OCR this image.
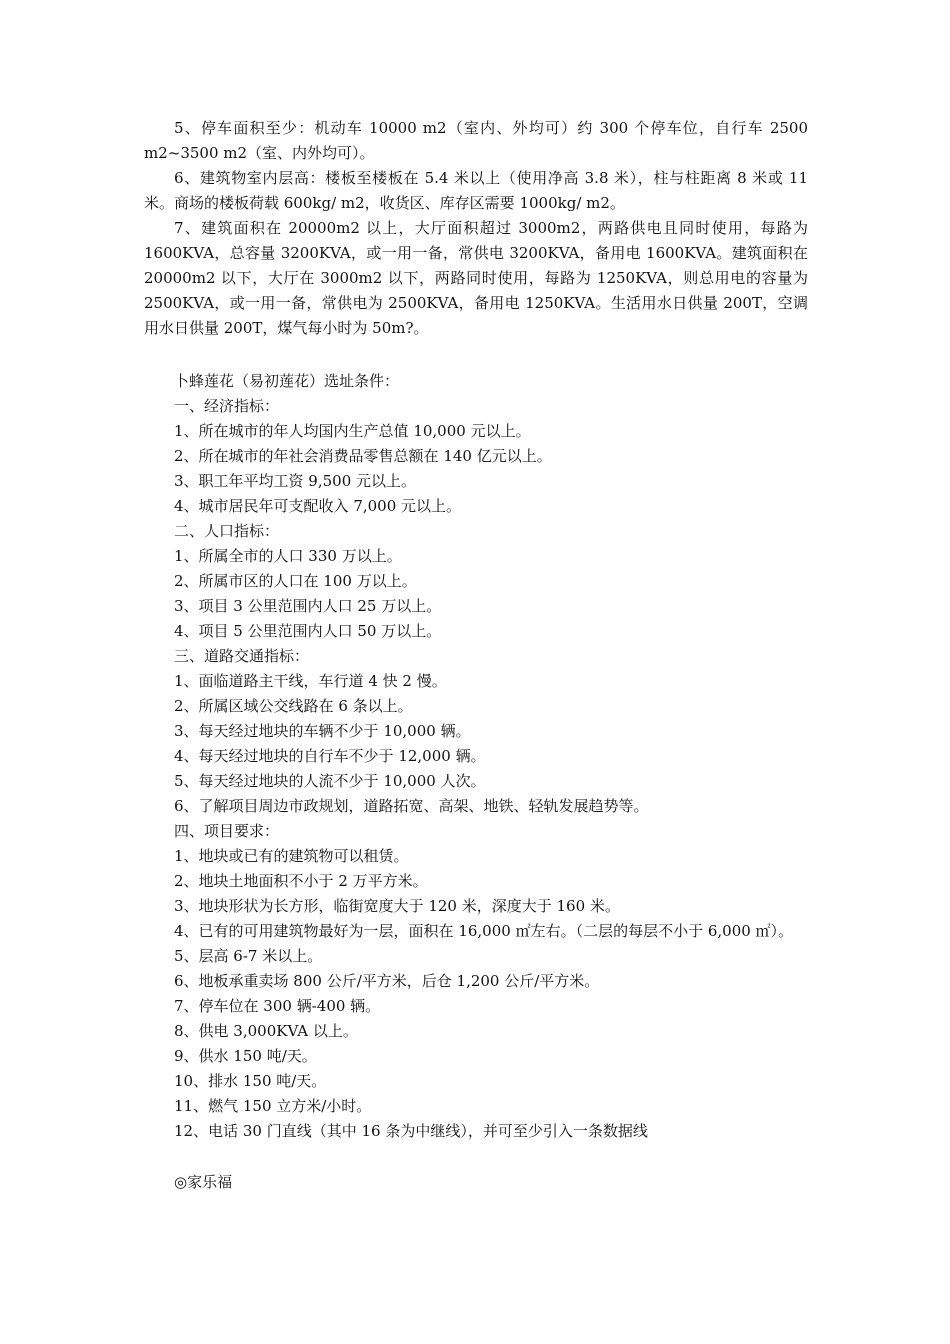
5、停车面积至少：机动车 10000 m2（室内、外均可）约 300 个停车位，自行车 2500 m2~3500 m2（室、内外均可）。

6、建筑物室内层高：楼板至楼板在 5.4 米以上（使用净高 3.8 米），柱与柱距离 8 米或 11 米。商场的楼板荷载 600kg/ m2，收货区、库存区需要 1000kg/ m2。

7、建筑面积在 20000m2 以上，大厅面积超过 3000m2，两路供电且同时使用，每路为 1600KVA，总容量 3200KVA，或一用一备，常供电 3200KVA，备用电 1600KVA。建筑面积在 20000m2 以下，大厅在 3000m2 以下，两路同时使用，每路为 1250KVA，则总用电的容量为 2500KVA，或一用一备，常供电为 2500KVA，备用电 1250KVA。生活用水日供量 200T，空调用水日供量 200T，煤气每小时为 50m?。

卜蜂莲花（易初莲花）选址条件：

一、经济指标：

1、所在城市的年人均国内生产总值 10,000 元以上。

2、所在城市的年社会消费品零售总额在 140 亿元以上。

3、职工年平均工资 9,500 元以上。

4、城市居民年可支配收入 7,000 元以上。

二、人口指标：

1、所属全市的人口 330 万以上。

2、所属市区的人口在 100 万以上。

3、项目 3 公里范围内人口 25 万以上。

4、项目 5 公里范围内人口 50 万以上。

三、道路交通指标：

1、面临道路主干线，车行道 4 快 2 慢。

2、所属区域公交线路在 6 条以上。

3、每天经过地块的车辆不少于 10,000 辆。

4、每天经过地块的自行车不少于 12,000 辆。

5、每天经过地块的人流不少于 10,000 人次。

6、了解项目周边市政规划，道路拓宽、高架、地铁、轻轨发展趋势等。

四、项目要求：

1、地块或已有的建筑物可以租赁。

2、地块土地面积不小于 2 万平方米。

3、地块形状为长方形，临街宽度大于 120 米，深度大于 160 米。

4、已有的可用建筑物最好为一层，面积在 16,000 ㎡左右。（二层的每层不小于 6,000 ㎡）。

5、层高 6-7 米以上。

6、地板承重卖场 800 公斤/平方米，后仓 1,200 公斤/平方米。

7、停车位在 300 辆-400 辆。

8、供电 3,000KVA 以上。

9、供水 150 吨/天。

10、排水 150 吨/天。

11、燃气 150 立方米/小时。

12、电话 30 门直线（其中 16 条为中继线），并可至少引入一条数据线

◎家乐福
